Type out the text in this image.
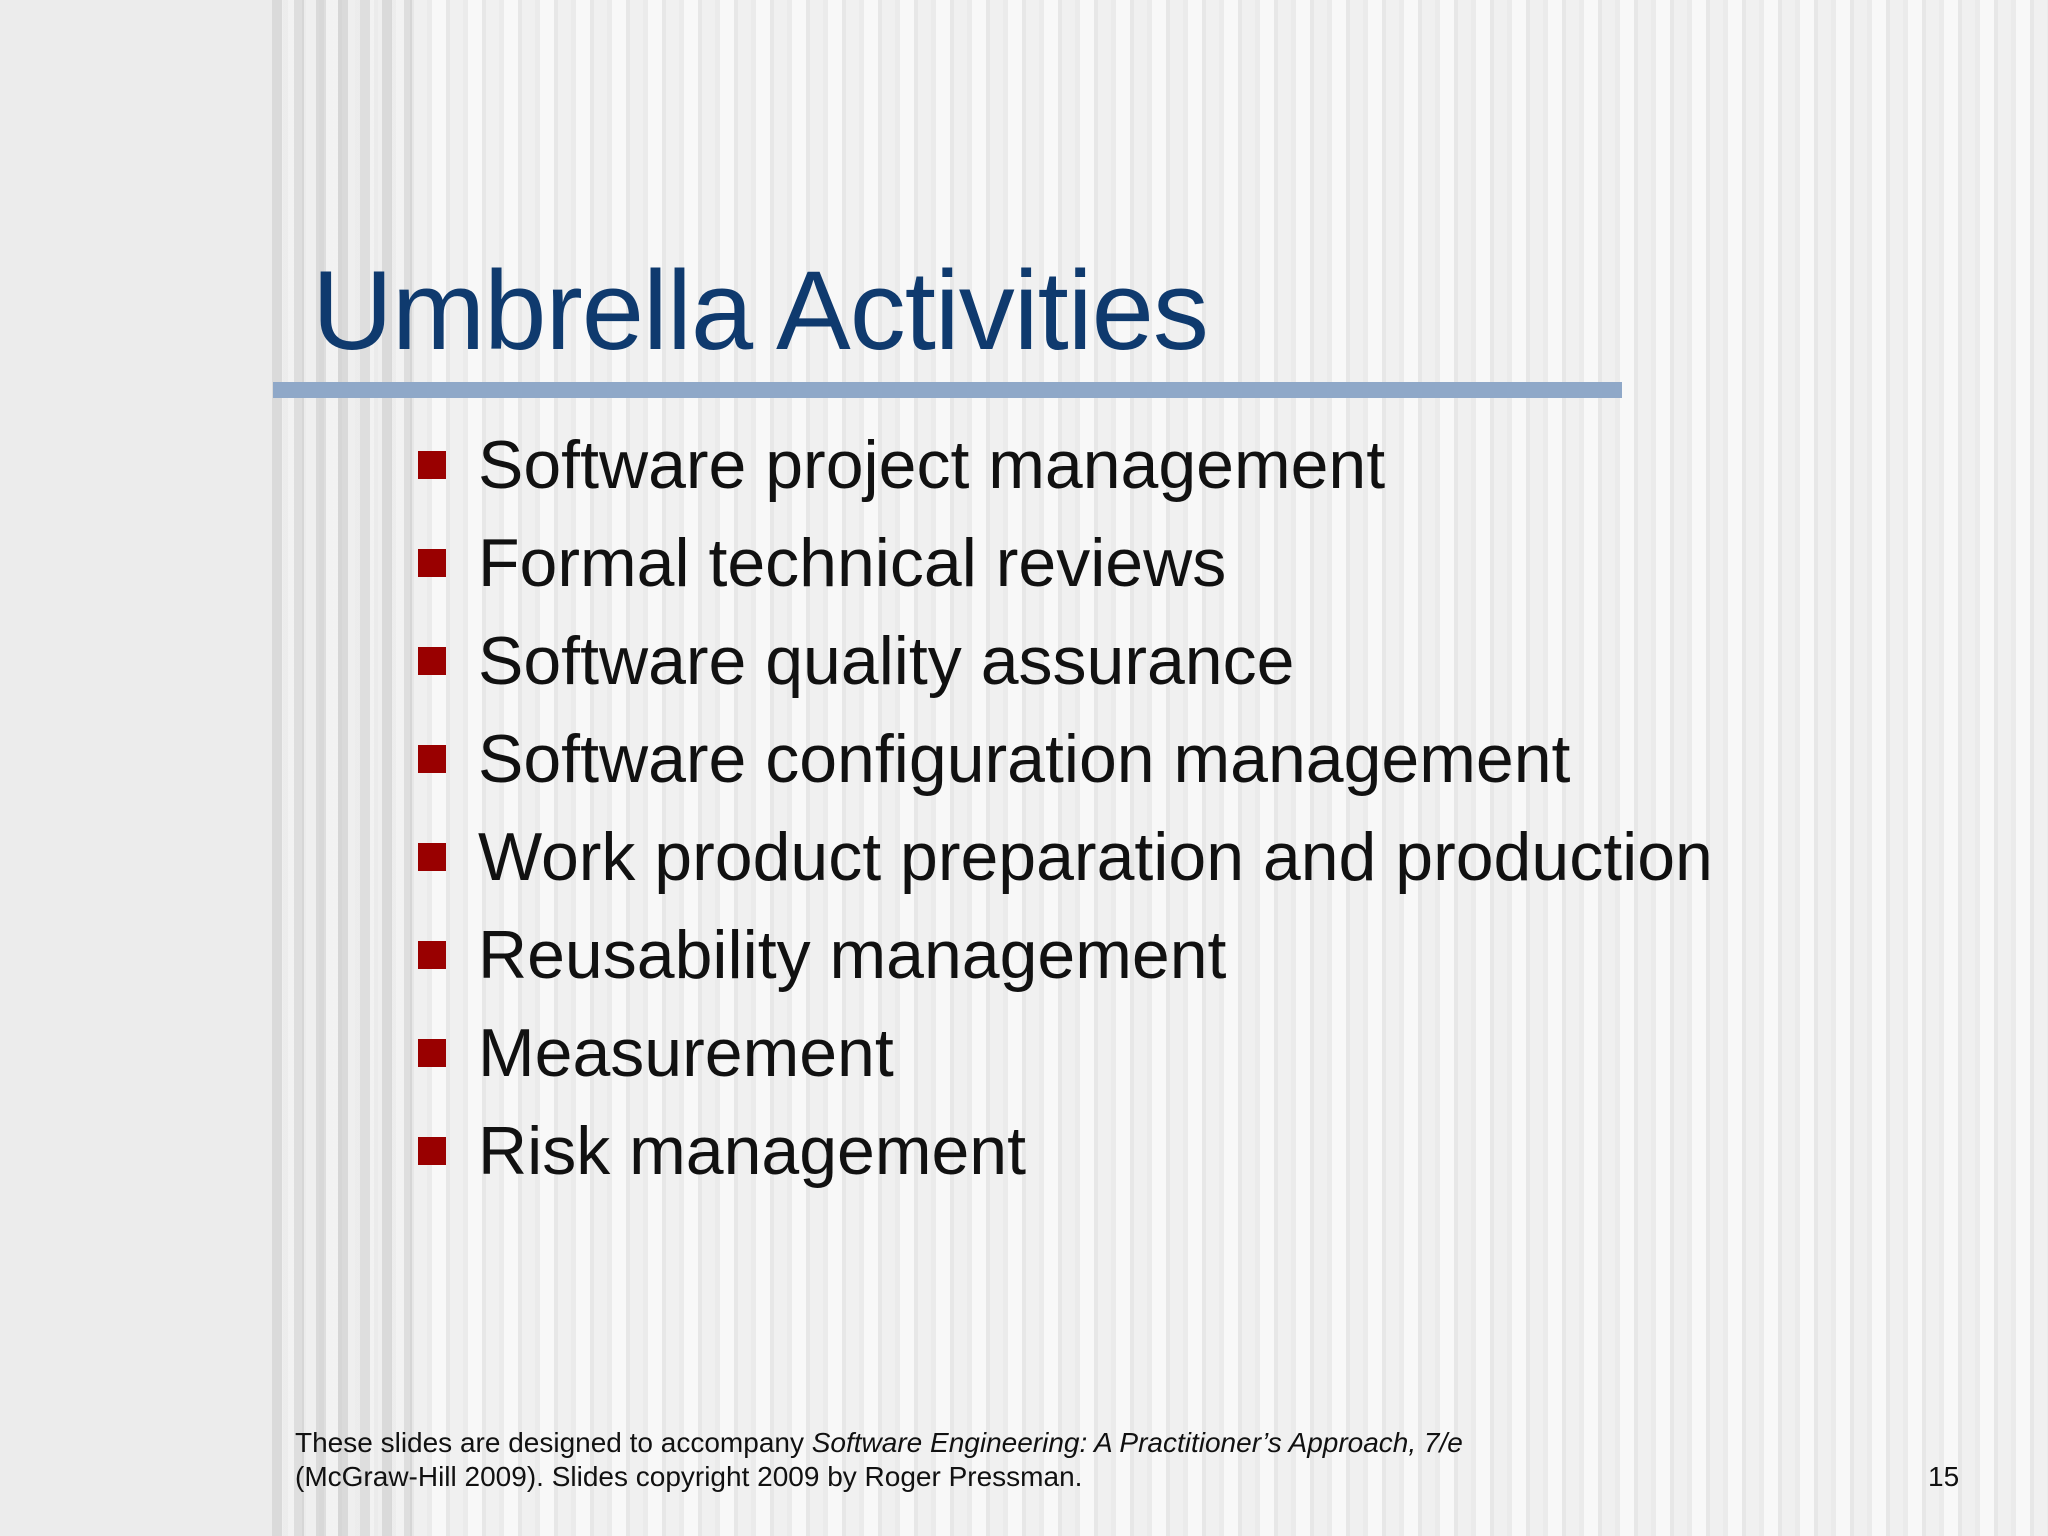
Umbrella Activities
Software project management
Formal technical reviews
Software quality assurance
Software configuration management
Work product preparation and production
Reusability management
Measurement
Risk management
These slides are designed to accompany Software Engineering: A Practitioner’s Approach, 7/e
(McGraw-Hill 2009). Slides copyright 2009 by Roger Pressman.	15
